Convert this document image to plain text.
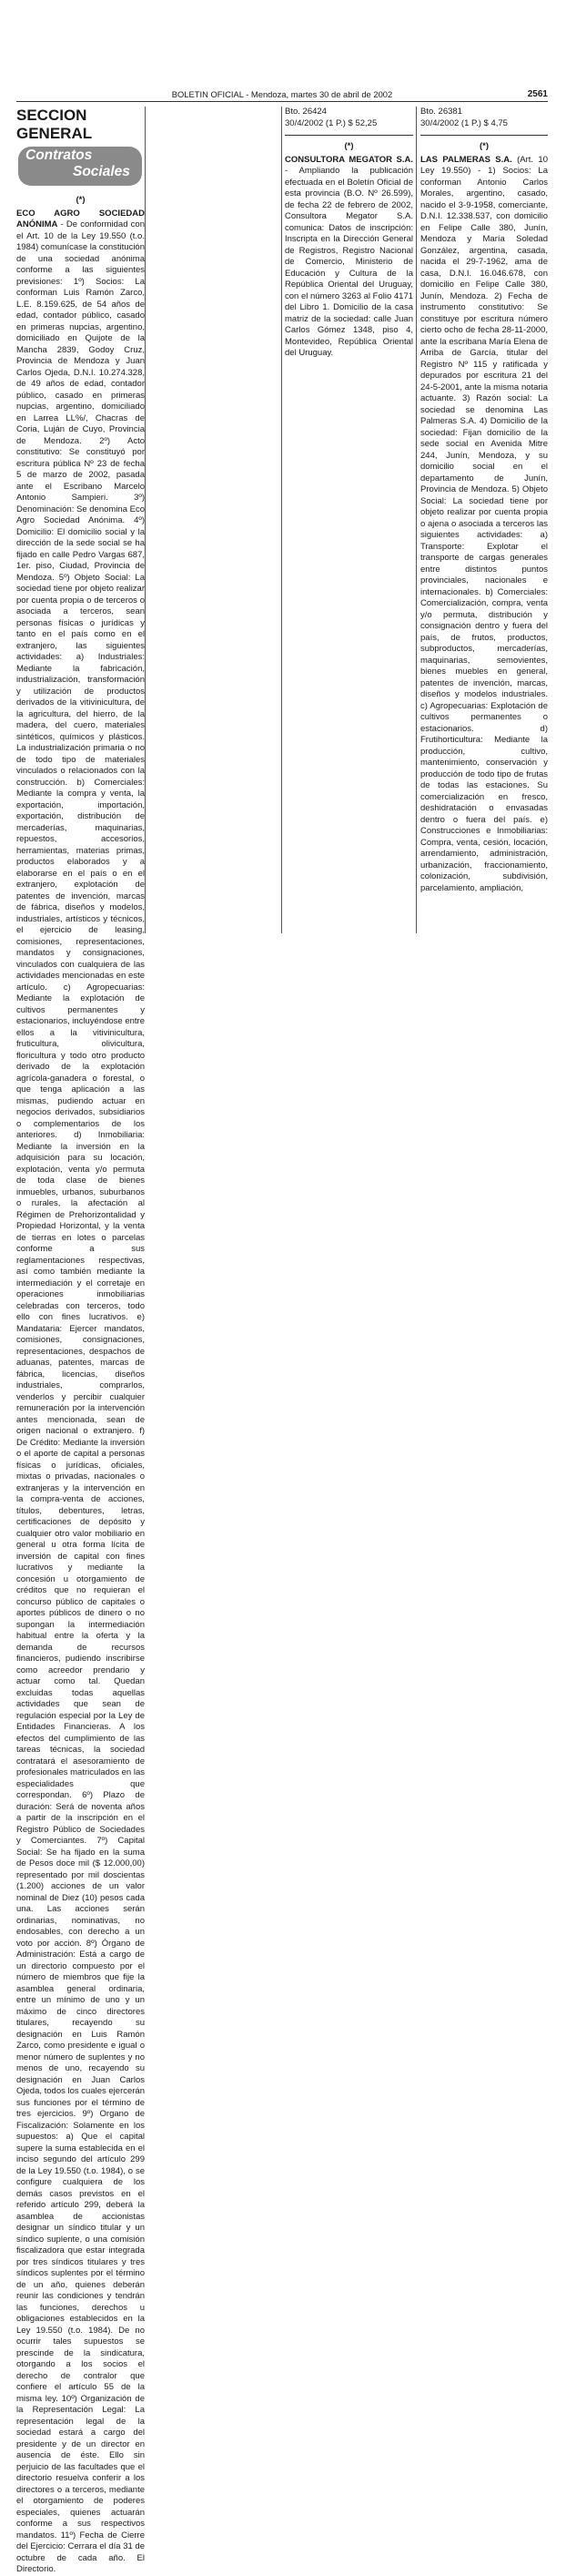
BOLETIN OFICIAL - Mendoza, martes 30 de abril de 2002	2561
SECCION GENERAL
Contratos
Sociales
(*)

ECO AGRO SOCIEDAD ANÓNIMA - De conformidad con el Art. 10 de la Ley 19.550 (t.o. 1984) comunícase la constitución de una sociedad anónima conforme a las siguientes previsiones: 1º) Socios: La conforman Luis Ramón Zarco, L.E. 8.159.625, de 54 años de edad, contador público, casado en primeras nupcias, argentino, domiciliado en Quijote de la Mancha 2839, Godoy Cruz, Provincia de Mendoza y Juan Carlos Ojeda, D.N.I. 10.274.328, de 49 años de edad, contador público, casado en primeras nupcias, argentino, domiciliado en Larrea LL%/, Chacras de Coria, Luján de Cuyo, Provincia de Mendoza. 2º) Acto constitutivo: Se constituyó por escritura pública Nº 23 de fecha 5 de marzo de 2002, pasada ante el Escribano Marcelo Antonio Sampieri. 3º) Denominación: Se denomina Eco Agro Sociedad Anónima. 4º) Domicilio: El domicilio social y la dirección de la sede social se ha fijado en calle Pedro Vargas 687, 1er. piso, Ciudad, Provincia de Mendoza. 5º) Objeto Social: La sociedad tiene por objeto realizar por cuenta propia o de terceros o asociada a terceros, sean personas físicas o jurídicas y tanto en el país como en el extranjero, las siguientes actividades: a) Industriales: Mediante la fabricación, industrialización, transformación y utilización de productos derivados de la vitivinicultura, de la agricultura, del hierro, de la madera, del cuero, materiales sintéticos, químicos y plásticos. La industrialización primaria o no de todo tipo de materiales vinculados o relacionados con la construcción. b) Comerciales: Mediante la compra y venta, la exportación, importación, exportación, distribución de mercaderías, maquinarias, repuestos, accesorios, herramientas, materias primas, productos elaborados y a elaborarse en el país o en el extranjero, explotación de patentes de invención, marcas de fábrica, diseños y modelos, industriales, artísticos y técnicos, el ejercicio de leasing, comisiones, representaciones, mandatos y consignaciones, vinculados con cualquiera de las actividades mencionadas en este artículo. c) Agropecuarias: Mediante la explotación de cultivos permanentes y estacionarios, incluyéndose entre ellos a la vitivinicultura, fruticultura, olivicultura, floricultura y todo otro producto derivado de la explotación agrícola-ganadera o forestal, o que tenga aplicación a las mismas, pudiendo actuar en negocios derivados, subsidiarios o complementarios de los anteriores. d) Inmobiliaria: Mediante la inversión en la adquisición para su locación, explotación, venta y/o permuta de toda clase de bienes inmuebles, urbanos, suburbanos o rurales, la afectación al Régimen de Prehorizontalidad y Propiedad Horizontal, y la venta de tierras en lotes o parcelas conforme a sus reglamentaciones respectivas, así como también mediante la intermediación y el corretaje en operaciones inmobiliarias celebradas con terceros, todo ello con fines lucrativos. e) Mandataria: Ejercer mandatos, comisiones, consignaciones, representaciones, despachos de aduanas, patentes, marcas de fábrica, licencias, diseños industriales, comprarlos, venderlos y percibir cualquier remuneración por la intervención antes mencionada, sean de origen nacional o extranjero. f) De Crédito: Mediante la inversión o el aporte de capital a personas físicas o jurídicas, oficiales, mixtas o privadas, nacionales o extranjeras y la intervención en la compra-venta de acciones, títulos, debentures, letras, certificaciones de depósito y cualquier otro valor mobiliario en general u otra forma lícita de inversión de capital con fines lucrativos y mediante la concesión u otorgamiento de créditos que no requieran el concurso público de capitales o aportes públicos de dinero o no supongan la intermediación habitual entre la oferta y la demanda de recursos financieros, pudiendo inscribirse como acreedor prendario y actuar como tal. Quedan excluidas todas aquellas actividades que sean de regulación especial por la Ley de Entidades Financieras. A los efectos del cumplimiento de las tareas técnicas, la sociedad contratará el asesoramiento de profesionales matriculados en las especialidades que correspondan. 6º) Plazo de duración: Será de noventa años a partir de la inscripción en el Registro Público de Sociedades y Comerciantes. 7º) Capital Social: Se ha fijado en la suma de Pesos doce mil ($ 12.000,00) representado por mil doscientas (1.200) acciones de un valor nominal de Diez (10) pesos cada una. Las acciones serán ordinarias, nominativas, no endosables, con derecho a un voto por acción. 8º) Órgano de Administración: Está a cargo de un directorio compuesto por el número de miembros que fije la asamblea general ordinaria, entre un mínimo de uno y un máximo de cinco directores titulares, recayendo su designación en Luis Ramón Zarco, como presidente e igual o menor número de suplentes y no menos de uno, recayendo su designación en Juan Carlos Ojeda, todos los cuales ejercerán sus funciones por el término de tres ejercicios. 9º) Organo de Fiscalización: Solamente en los supuestos: a) Que el capital supere la suma establecida en el inciso segundo del artículo 299 de la Ley 19.550 (t.o. 1984), o se configure cualquiera de los demás casos previstos en el referido artículo 299, deberá la asamblea de accionistas designar un síndico titular y un síndico suplente, o una comisión fiscalizadora que estar integrada por tres síndicos titulares y tres síndicos suplentes por el término de un año, quienes deberán reunir las condiciones y tendrán las funciones, derechos u obligaciones establecidos en la Ley 19.550 (t.o. 1984). De no ocurrir tales supuestos se prescinde de la sindicatura, otorgando a los socios el derecho de contralor que confiere el artículo 55 de la misma ley. 10º) Organización de la Representación Legal: La representación legal de la sociedad estará a cargo del presidente y de un director en ausencia de éste. Ello sin perjuicio de las facultades que el directorio resuelva conferir a los directores o a terceros, mediante el otorgamiento de poderes especiales, quienes actuarán conforme a sus respectivos mandatos. 11º) Fecha de Cierre del Ejercicio: Cerrara el día 31 de octubre de cada año. El Directorio.

Bto. 26381

30/4/2002 (1 P.) $ 4,75

(*)

LAS PALMERAS S.A. (Art. 10 Ley 19.550) - 1) Socios: La conforman Antonio Carlos Morales, argentino, casado, nacido el 3-9-1958, comerciante, D.N.I. 12.338.537, con domicilio en Felipe Calle 380, Junín, Mendoza y María Soledad González, argentina, casada, nacida el 29-7-1962, ama de casa, D.N.I. 16.046.678, con domicilio en Felipe Calle 380, Junín, Mendoza. 2) Fecha de instrumento constitutivo: Se constituye por escritura número cierto ocho de fecha 28-11-2000, ante la escribana María Elena de Arriba de García, titular del Registro Nº 115 y ratificada y depurados por escritura 21 del 24-5-2001, ante la misma notaria actuante. 3) Razón social: La sociedad se denomina Las Palmeras S.A. 4) Domicilio de la sociedad: Fijan domicilio de la sede social en Avenida Mitre 244, Junín, Mendoza, y su domicilio social en el departamento de Junín, Provincia de Mendoza. 5) Objeto Social: La sociedad tiene por objeto realizar por cuenta propia o ajena o asociada a terceros las siguientes actividades: a) Transporte: Explotar el transporte de cargas generales entre distintos puntos provinciales, nacionales e internacionales. b) Comerciales: Comercialización, compra, venta y/o permuta, distribución y consignación dentro y fuera del país, de frutos, productos, subproductos, mercaderías, maquinarias, semovientes, bienes muebles en general, patentes de invención, marcas, diseños y modelos industriales. c) Agropecuarias: Explotación de cultivos permanentes o estacionarios. d) Frutihorticultura: Mediante la producción, cultivo, mantenimiento, conservación y producción de todo tipo de frutas de todas las estaciones. Su comercialización en fresco, deshidratación o envasadas dentro o fuera del país. e) Construcciones e Inmobiliarias: Compra, venta, cesión, locación, arrendamiento, administración, urbanización, fraccionamiento, colonización, subdivisión, parcelamiento, ampliación,

Bto. 26424

30/4/2002 (1 P.) $ 52,25

(*)

CONSULTORA MEGATOR S.A. - Ampliando la publicación efectuada en el Boletín Oficial de esta provincia (B.O. Nº 26.599), de fecha 22 de febrero de 2002, Consultora Megator S.A. comunica: Datos de inscripción: Inscripta en la Dirección General de Registros, Registro Nacional de Comercio, Ministerio de Educación y Cultura de la República Oriental del Uruguay, con el número 3263 al Folio 4171 del Libro 1. Domicilio de la casa matriz de la sociedad: calle Juan Carlos Gómez 1348, piso 4, Montevideo, República Oriental del Uruguay.
